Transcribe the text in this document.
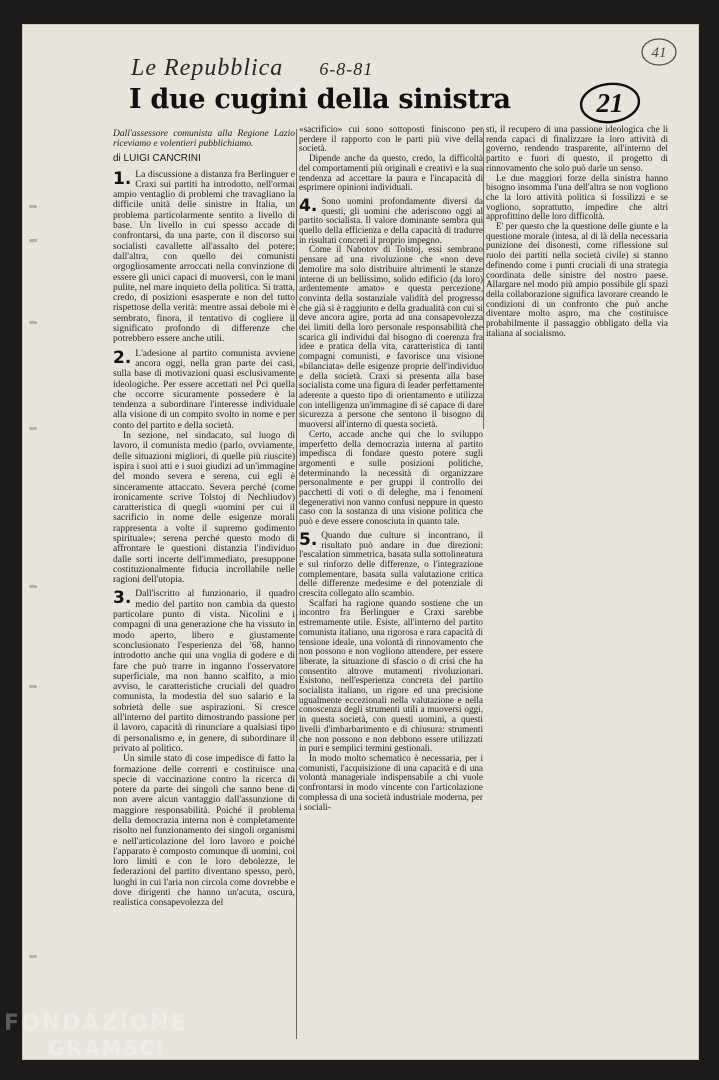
Le Repubblica 6-8-81
41
I due cugini della sinistra	21

Dall'assessore comunista alla Regione Lazio riceviamo e volentieri pubblichiamo.

di LUIGI CANCRINI

1. La discussione a distanza fra Berlinguer e Craxi sui partiti ha introdotto, nell'ormai ampio ventaglio di problemi che travagliano la difficile unità delle sinistre in Italia, un problema particolarmente sentito a livello di base. Un livello in cui spesso accade di confrontarsi, da una parte, con il discorso sui socialisti cavallette all'assalto del potere; dall'altra, con quello dei comunisti orgogliosamente arroccati nella convinzione di essere gli unici capaci di muoversi, con le mani pulite, nel mare inquieto della politica. Si tratta, credo, di posizioni esasperate e non del tutto rispettose della verità: mentre assai debole mi è sembrato, finora, il tentativo di cogliere il significato profondo di differenze che potrebbero essere anche utili.

2. L'adesione al partito comunista avviene ancora oggi, nella gran parte dei casi, sulla base di motivazioni quasi esclusivamente ideologiche. Per essere accettati nel Pci quella che occorre sicuramente possedere è la tendenza a subordinare l'interesse individuale alla visione di un compito svolto in nome e per conto del partito e della società.

In sezione, nel sindacato, sul luogo di lavoro, il comunista medio (parlo, ovviamente, delle situazioni migliori, di quelle più riuscite) ispira i suoi atti e i suoi giudizi ad un'immagine del mondo severa e serena, cui egli è sinceramente attaccato. Severa perché (come ironicamente scrive Tolstoj di Nechliudov) caratteristica di quegli «uomini per cui il sacrificio in nome delle esigenze morali rappresenta a volte il supremo godimento spirituale»; serena perché questo modo di affrontare le questioni distanzia l'individuo dalle sorti incerte dell'immediato, presuppone costituzionalmente fiducia incrollabile nelle ragioni dell'utopia.

3. Dall'iscritto al funzionario, il quadro medio del partito non cambia da questo particolare punto di vista. Nicolini e i compagni di una generazione che ha vissuto in modo aperto, libero e giustamente sconclusionato l'esperienza del '68, hanno introdotto anche qui una voglia di godere e di fare che può trarre in inganno l'osservatore superficiale, ma non hanno scalfito, a mio avviso, le caratteristiche cruciali del quadro comunista, la modestia del suo salario e la sobrietà delle sue aspirazioni. Si cresce all'interno del partito dimostrando passione per il lavoro, capacità di rinunciare a qualsiasi tipo di personalismo e, in genere, di subordinare il privato al politico.

Un simile stato di cose impedisce di fatto la formazione delle correnti e costituisce una specie di vaccinazione contro la ricerca di potere da parte dei singoli che sanno bene di non avere alcun vantaggio dall'assunzione di maggiore responsabilità. Poiché il problema della democrazia interna non è completamente risolto nel funzionamento dei singoli organismi e nell'articolazione del loro lavoro e poiché l'apparato è composto comunque di uomini, coi loro limiti e con le loro debolezze, le federazioni del partito diventano spesso, però, luoghi in cui l'aria non circola come dovrebbe e dove dirigenti che hanno un'acuta, oscura, realistica consapevolezza del

«sacrificio» cui sono sottoposti finiscono per perdere il rapporto con le parti più vive della società.

Dipende anche da questo, credo, la difficoltà del comportamenti più originali e creativi e la sua tendenza ad accettare la paura e l'incapacità di esprimere opinioni individuali.

4. Sono uomini profondamente diversi da questi, gli uomini che aderiscono oggi al partito socialista. Il valore dominante sembra qui quello della efficienza e della capacità di tradurre in risultati concreti il proprio impegno.

Come il Nabotov di Tolstoj, essi sembrano pensare ad una rivoluzione che «non deve demolire ma solo distribuire altrimenti le stanze interne di un bellissimo, solido edificio (da loro) ardentemente amato» e questa percezione, convinta della sostanziale validità del progresso che già si è raggiunto e della gradualità con cui si deve ancora agire, porta ad una consapevolezza dei limiti della loro personale responsabilità che scarica gli individui dal bisogno di coerenza fra idee e pratica della vita, caratteristica di tanti compagni comunisti, e favorisce una visione «bilanciata» delle esigenze proprie dell'individuo e della società. Craxi si presenta alla base socialista come una figura di leader perfettamente aderente a questo tipo di orientamento e utilizza con intelligenza un'immagine di sé capace di dare sicurezza a persone che sentono il bisogno di muoversi all'interno di questa società.

Certo, accade anche qui che lo sviluppo imperfetto della democrazia interna al partito impedisca di fondare questo potere sugli argomenti e sulle posizioni politiche, determinando la necessità di organizzare personalmente e per gruppi il controllo dei pacchetti di voti o di deleghe, ma i fenomeni degenerativi non vanno confusi neppure in questo caso con la sostanza di una visione politica che può e deve essere conosciuta in quanto tale.

5. Quando due culture si incontrano, il risultato può andare in due direzioni: l'escalation simmetrica, basata sulla sottolineatura e sul rinforzo delle differenze, o l'integrazione complementare, basata sulla valutazione critica delle differenze medesime e del potenziale di crescita collegato allo scambio.

Scalfari ha ragione quando sostiene che un incontro fra Berlinguer e Craxi sarebbe estremamente utile. Esiste, all'interno del partito comunista italiano, una rigorosa e rara capacità di tensione ideale, una volontà di rinnovamento che non possono e non vogliono attendere, per essere liberate, la situazione di sfascio o di crisi che ha consentito altrove mutamenti rivoluzionari. Esistono, nell'esperienza concreta del partito socialista italiano, un rigore ed una precisione ugualmente eccezionali nella valutazione e nella conoscenza degli strumenti utili a muoversi oggi, in questa società, con questi uomini, a questi livelli d'imbarbarimento e di chiusura: strumenti che non possono e non debbono essere utilizzati in puri e semplici termini gestionali.

In modo molto schematico è necessaria, per i comunisti, l'acquisizione di una capacità e di una volontà manageriale indispensabile a chi vuole confrontarsi in modo vincente con l'articolazione complessa di una società industriale moderna, per i sociali-

sti, il recupero di una passione ideologica che li renda capaci di finalizzare la loro attività di governo, rendendo trasparente, all'interno del partito e fuori di questo, il progetto di rinnovamento che solo può darle un senso.

Le due maggiori forze della sinistra hanno bisogno insomma l'una dell'altra se non vogliono che la loro attività politica si fossilizzi e se vogliono, soprattutto, impedire che altri approfittino delle loro difficoltà.

E' per questo che la questione delle giunte e la questione morale (intesa, al di là della necessaria punizione dei disonesti, come riflessione sul ruolo dei partiti nella società civile) si stanno definendo come i punti cruciali di una strategia coordinata delle sinistre del nostro paese. Allargare nel modo più ampio possibile gli spazi della collaborazione significa lavorare creando le condizioni di un confronto che può anche diventare molto aspro, ma che costituisce probabilmente il passaggio obbligato della via italiana al socialismo.

FONDAZIONE
GRAMSCI
